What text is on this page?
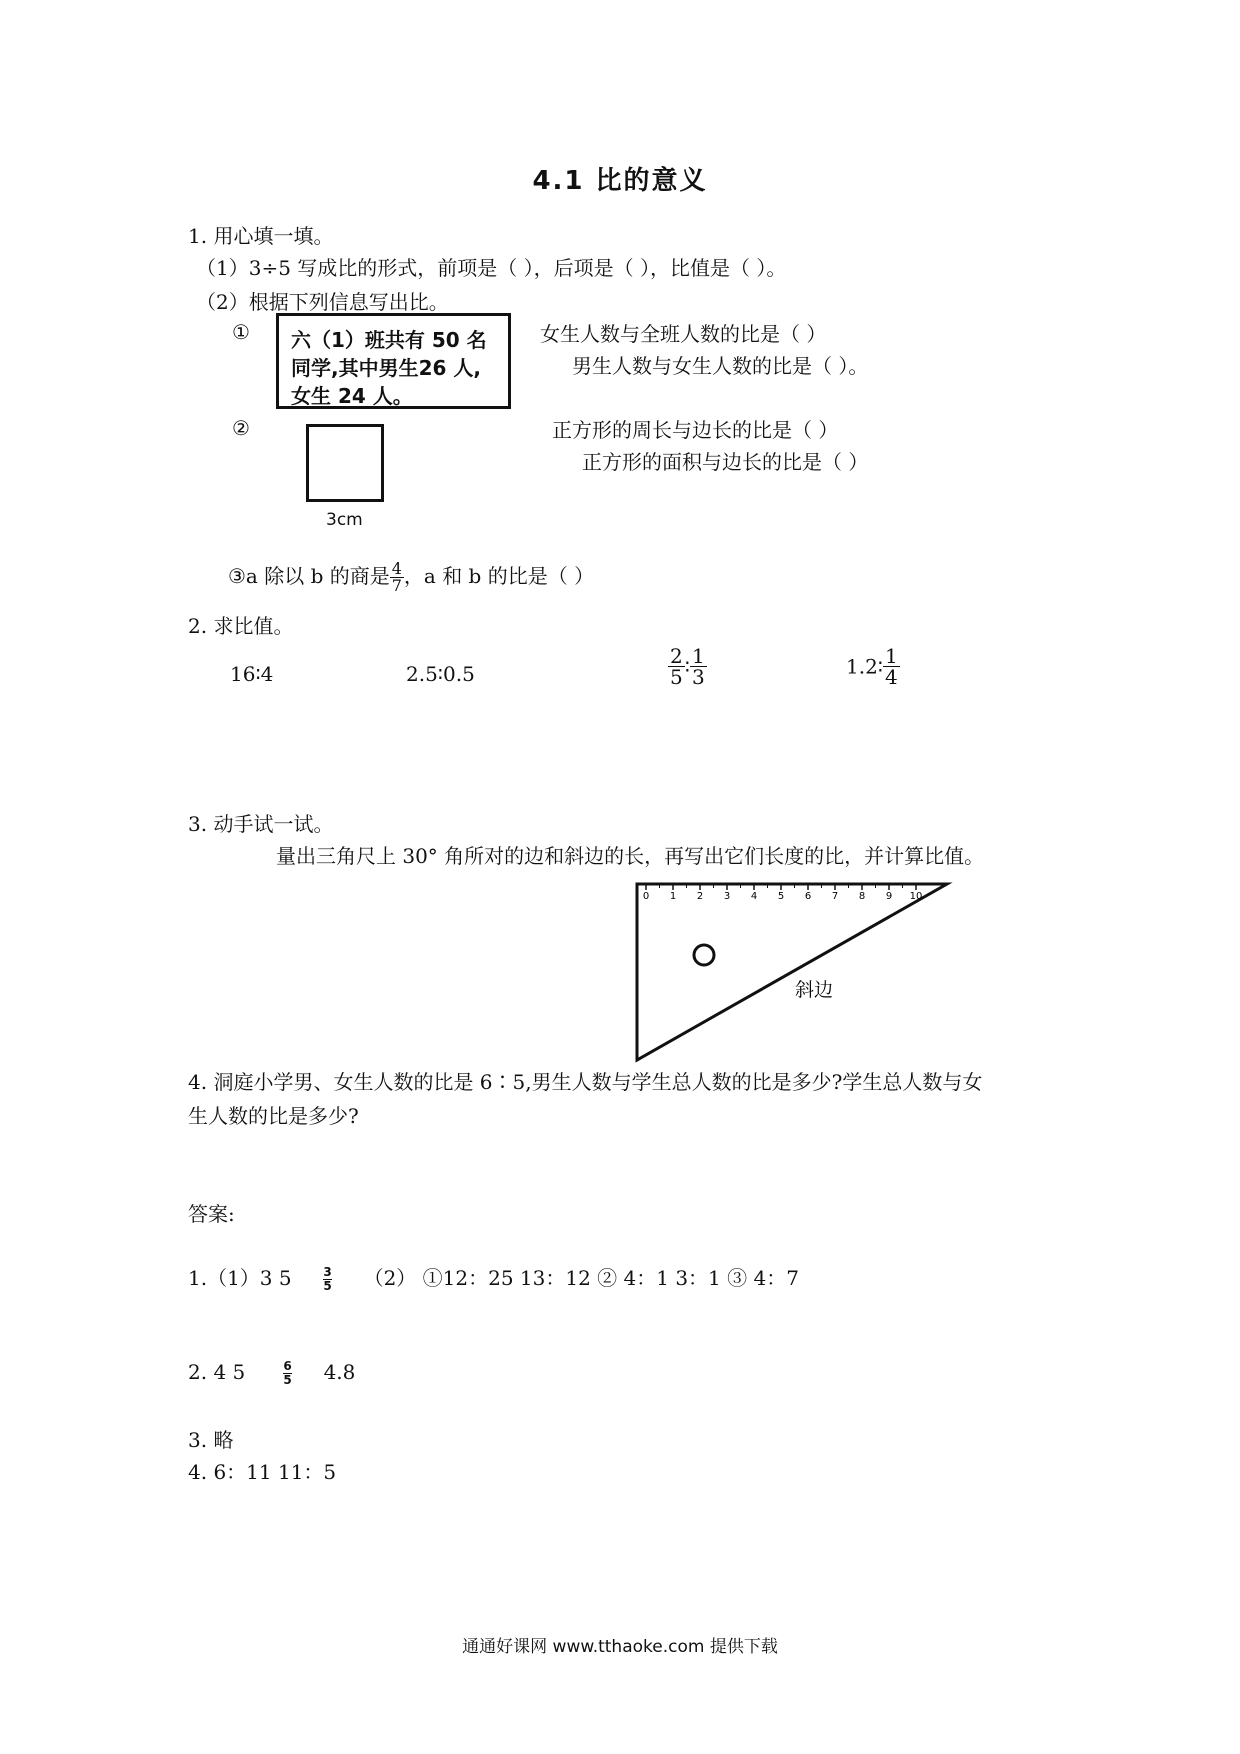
4.1 比的意义
1. 用心填一填。
（1）3÷5 写成比的形式，前项是（ ），后项是（ ），比值是（ ）。
（2）根据下列信息写出比。
① 六（1）班共有 50 名
同学,其中男生26 人,
女生 24 人。
女生人数与全班人数的比是（ ）
男生人数与女生人数的比是（ ）。
②
3cm
正方形的周长与边长的比是（ ）
正方形的面积与边长的比是（ ）
③a 除以 b 的商是 $\frac{4}{7}$ ，a 和 b 的比是（ ）
2. 求比值。
16∶4	2.5∶0.5	$\frac{2}{5}$ ∶ $\frac{1}{3}$	1.2∶ $\frac{1}{4}$
3. 动手试一试。
量出三角尺上 30° 角所对的边和斜边的长，再写出它们长度的比，并计算比值。
0 1 2 3 4 5 6 7 8 9 10
斜边
4. 洞庭小学男、女生人数的比是 6∶5,男生人数与学生总人数的比是多少?学生总人数与女
生人数的比是多少?
答案:
1.（1）3 5	$\frac{3}{5} (2)$ ①12：25 13：12 ② 4：1 3：1 ③ 4：7
2. 4 5	$\frac{6}{5} 4.8$
3. 略
4. 6：11 11：5
通通好课网 www.tthaoke.com 提供下载
